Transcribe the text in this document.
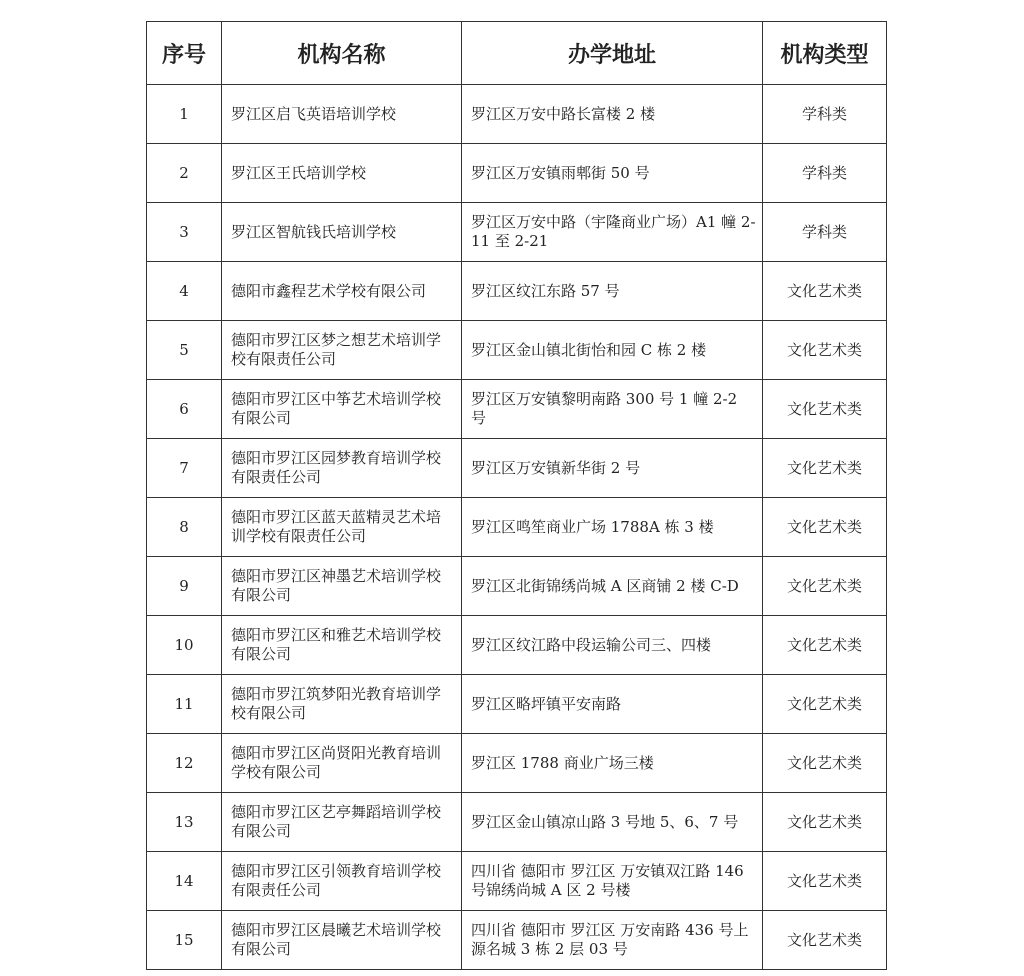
序号	机构名称	办学地址	机构类型
1	罗江区启飞英语培训学校	罗江区万安中路长富楼 2 楼	学科类
2	罗江区王氏培训学校	罗江区万安镇雨郫街 50 号	学科类
3	罗江区智航钱氏培训学校	罗江区万安中路（宇隆商业广场）A1 幢 2-11 至 2-21	学科类
4	德阳市鑫程艺术学校有限公司	罗江区纹江东路 57 号	文化艺术类
5	德阳市罗江区梦之想艺术培训学校有限责任公司	罗江区金山镇北街怡和园 C 栋 2 楼	文化艺术类
6	德阳市罗江区中筝艺术培训学校有限公司	罗江区万安镇黎明南路 300 号 1 幢 2-2 号	文化艺术类
7	德阳市罗江区园梦教育培训学校有限责任公司	罗江区万安镇新华街 2 号	文化艺术类
8	德阳市罗江区蓝天蓝精灵艺术培训学校有限责任公司	罗江区鸣笙商业广场 1788A 栋 3 楼	文化艺术类
9	德阳市罗江区神墨艺术培训学校有限公司	罗江区北街锦绣尚城 A 区商铺 2 楼 C-D	文化艺术类
10	德阳市罗江区和雅艺术培训学校有限公司	罗江区纹江路中段运输公司三、四楼	文化艺术类
11	德阳市罗江筑梦阳光教育培训学校有限公司	罗江区略坪镇平安南路	文化艺术类
12	德阳市罗江区尚贤阳光教育培训学校有限公司	罗江区 1788 商业广场三楼	文化艺术类
13	德阳市罗江区艺亭舞蹈培训学校有限公司	罗江区金山镇凉山路 3 号地 5、6、7 号	文化艺术类
14	德阳市罗江区引领教育培训学校有限责任公司	四川省 德阳市 罗江区 万安镇双江路 146 号锦绣尚城 A 区 2 号楼	文化艺术类
15	德阳市罗江区晨曦艺术培训学校有限公司	四川省 德阳市 罗江区 万安南路 436 号上源名城 3 栋 2 层 03 号	文化艺术类
